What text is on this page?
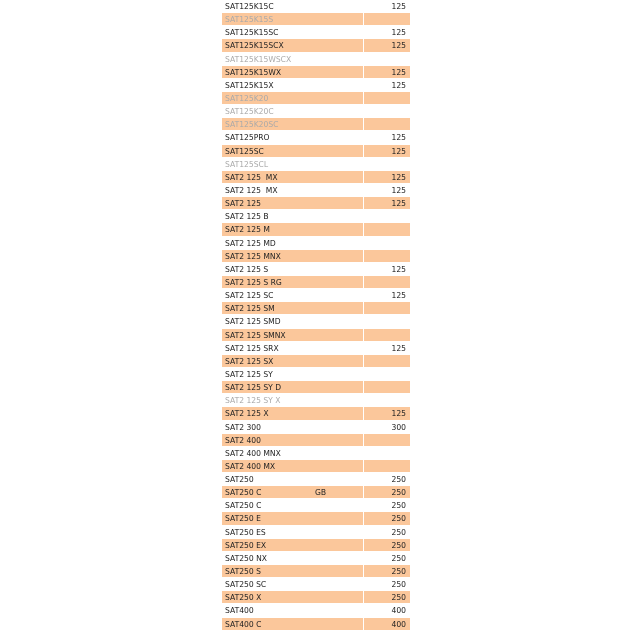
SAT125K15C	125
SAT125K15S
SAT125K15SC	125
SAT125K15SCX	125
SAT125K15WSCX
SAT125K15WX	125
SAT125K15X	125
SAT125K20
SAT125K20C
SAT125K20SC
SAT125PRO	125
SAT125SC	125
SAT125SCL
SAT2 125  MX	125
SAT2 125  MX	125
SAT2 125	125
SAT2 125 B
SAT2 125 M
SAT2 125 MD
SAT2 125 MNX
SAT2 125 S	125
SAT2 125 S RG
SAT2 125 SC	125
SAT2 125 SM
SAT2 125 SMD
SAT2 125 SMNX
SAT2 125 SRX	125
SAT2 125 SX
SAT2 125 SY
SAT2 125 SY D
SAT2 125 SY X
SAT2 125 X	125
SAT2 300	300
SAT2 400
SAT2 400 MNX
SAT2 400 MX
SAT250	250
SAT250 C	GB	250
SAT250 C	250
SAT250 E	250
SAT250 ES	250
SAT250 EX	250
SAT250 NX	250
SAT250 S	250
SAT250 SC	250
SAT250 X	250
SAT400	400
SAT400 C	400
